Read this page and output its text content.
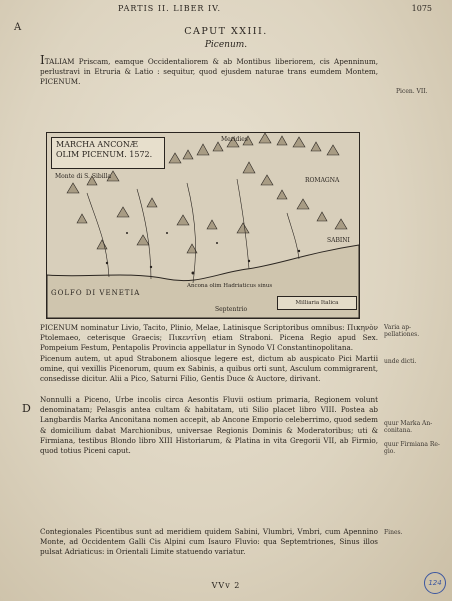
PARTIS II. LIBER IV.	1075
A	CAPUT XXIII.
Picenum.

ITALIAM Priscam, eamque Occidentaliorem & ab Montibus liberiorem, cis Apenninum, perlustravi in Etruria & Latio : sequitur, quod ejusdem naturae trans eumdem Montem, PICENUM.

MARCHA ANCONÆ
OLIM PICENUM. 1572.
Meridies
ROMAGNA
SABINI
Monte di S. Sibilla
GOLFO DI VENETIA
Ancona olim Hadriaticus sinus
Septentrio
Milliaria Italica

PICENUM nominatur Livio, Tacito, Plinio, Melae, Latinisque Scriptoribus omnibus: Πικηνὸν Ptolemaeo, ceterisque Graecis; Πικεντῖνη etiam Straboni. Picena Regio apud Sex. Pompeium Festum, Pentapolis Provincia appellatur in Synodo VI Constantinopolitana.

Picenum autem, ut apud Strabonem aliosque legere est, dictum ab auspicato Pici Martii omine, qui vexillis Picenorum, quum ex Sabinis, a quibus orti sunt, Asculum commigrarent, consedisse dicitur. Alii a Pico, Saturni Filio, Gentis Duce & Auctore, dirivant.

Nonnulli a Piceno, Urbe incolis circa Aesontis Fluvii ostium primaria, Regionem volunt denominatam; Pelasgis antea cultam & habitatam, uti Silio placet libro VIII. Postea ab Langbardis Marka Anconitana nomen accepit, ab Ancone Emporio celeberrimo, quod sedem & domicilium dabat Marchionibus, universae Regionis Dominis & Moderatoribus; uti & Firmiana, testibus Blondo libro XIII Historiarum, & Platina in vita Gregorii VII, ab Firmio, quod totius Piceni caput.

Contegionales Picentibus sunt ad meridiem quidem Sabini, Vlumbri, Vmbri, cum Apennino Monte, ad Occidentem Galli Cis Alpini cum Isauro Fluvio: qua Septemtriones, Sinus illos pulsat Adriaticus: in Orientali Limite statuendo variatur.

Picen. VII.
Varia ap-pellationes.
unde dicti.
quur Marka An-conitana.
quur Firmiana Re-gio.
Fines.
D
VVv 2	124
